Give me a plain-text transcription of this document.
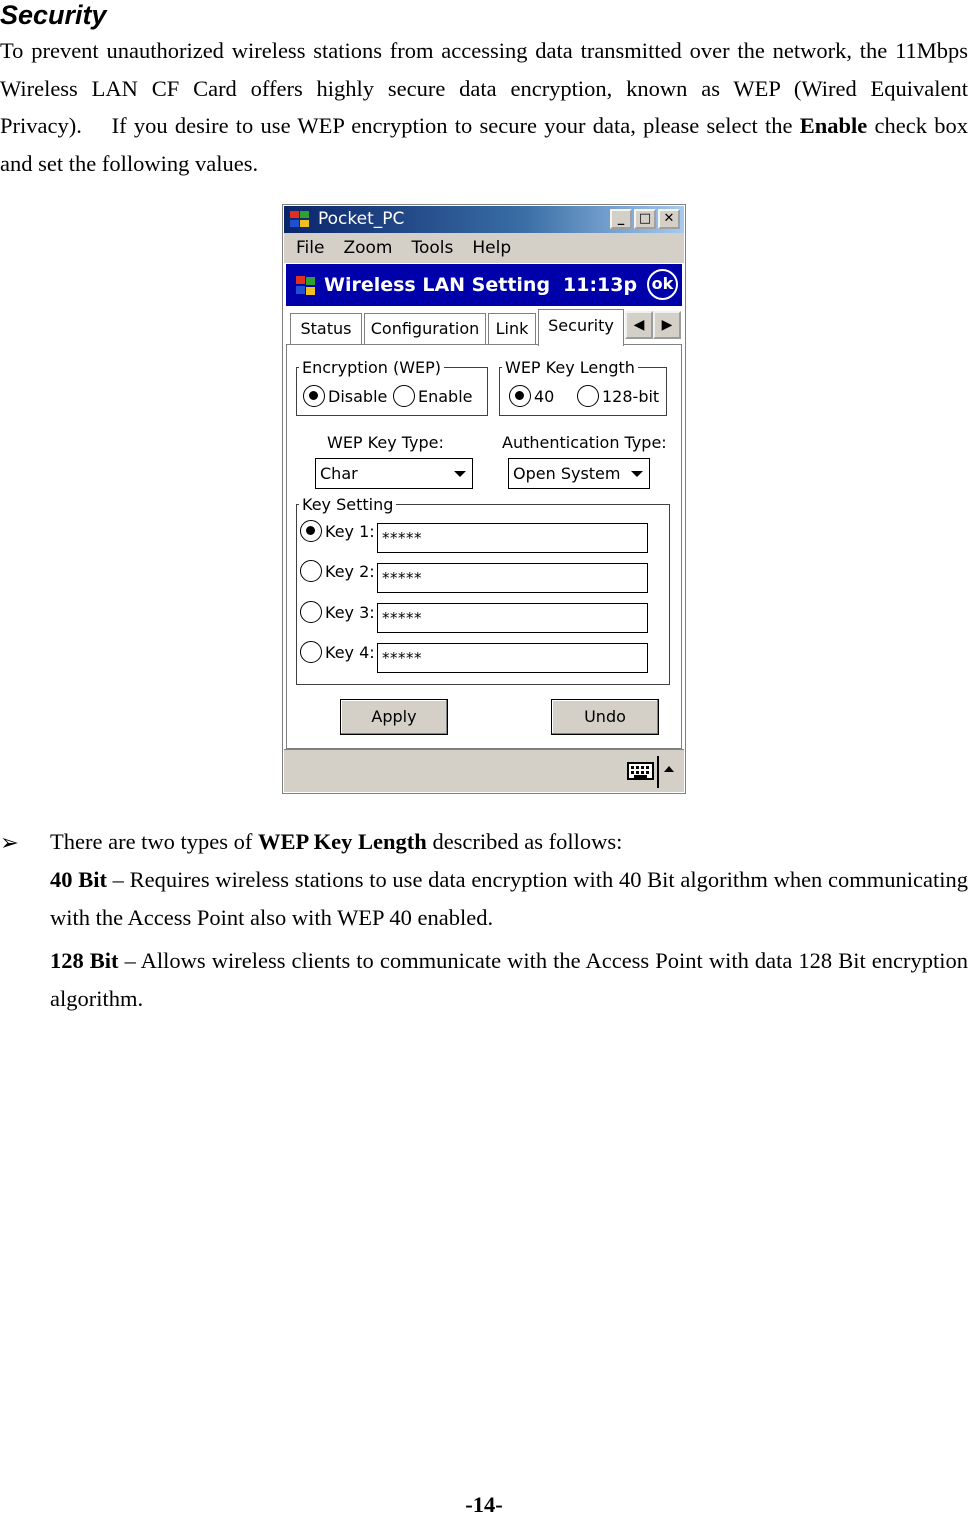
Security

To prevent unauthorized wireless stations from accessing data transmitted over the network, the 11Mbps Wireless LAN CF Card offers highly secure data encryption, known as WEP (Wired Equivalent Privacy).  If you desire to use WEP encryption to secure your data, please select the Enable check box and set the following values.

Pocket_PC	_	□ ✕
File Zoom Tools Help
Wireless LAN Setting 11:13p ok
Status	Configuration	Link	Security	◀	▶
Encryption (WEP)
Disable Enable
WEP Key Length
40	128-bit
WEP Key Type:	Authentication Type:
Char	Open System
Key Setting
Key 1: *****
Key 2: *****
Key 3: *****
Key 4: *****
Apply	Undo
➢ There are two types of WEP Key Length described as follows:

40 Bit – Requires wireless stations to use data encryption with 40 Bit algorithm when communicating with the Access Point also with WEP 40 enabled.

128 Bit – Allows wireless clients to communicate with the Access Point with data 128 Bit encryption algorithm.

-14-
